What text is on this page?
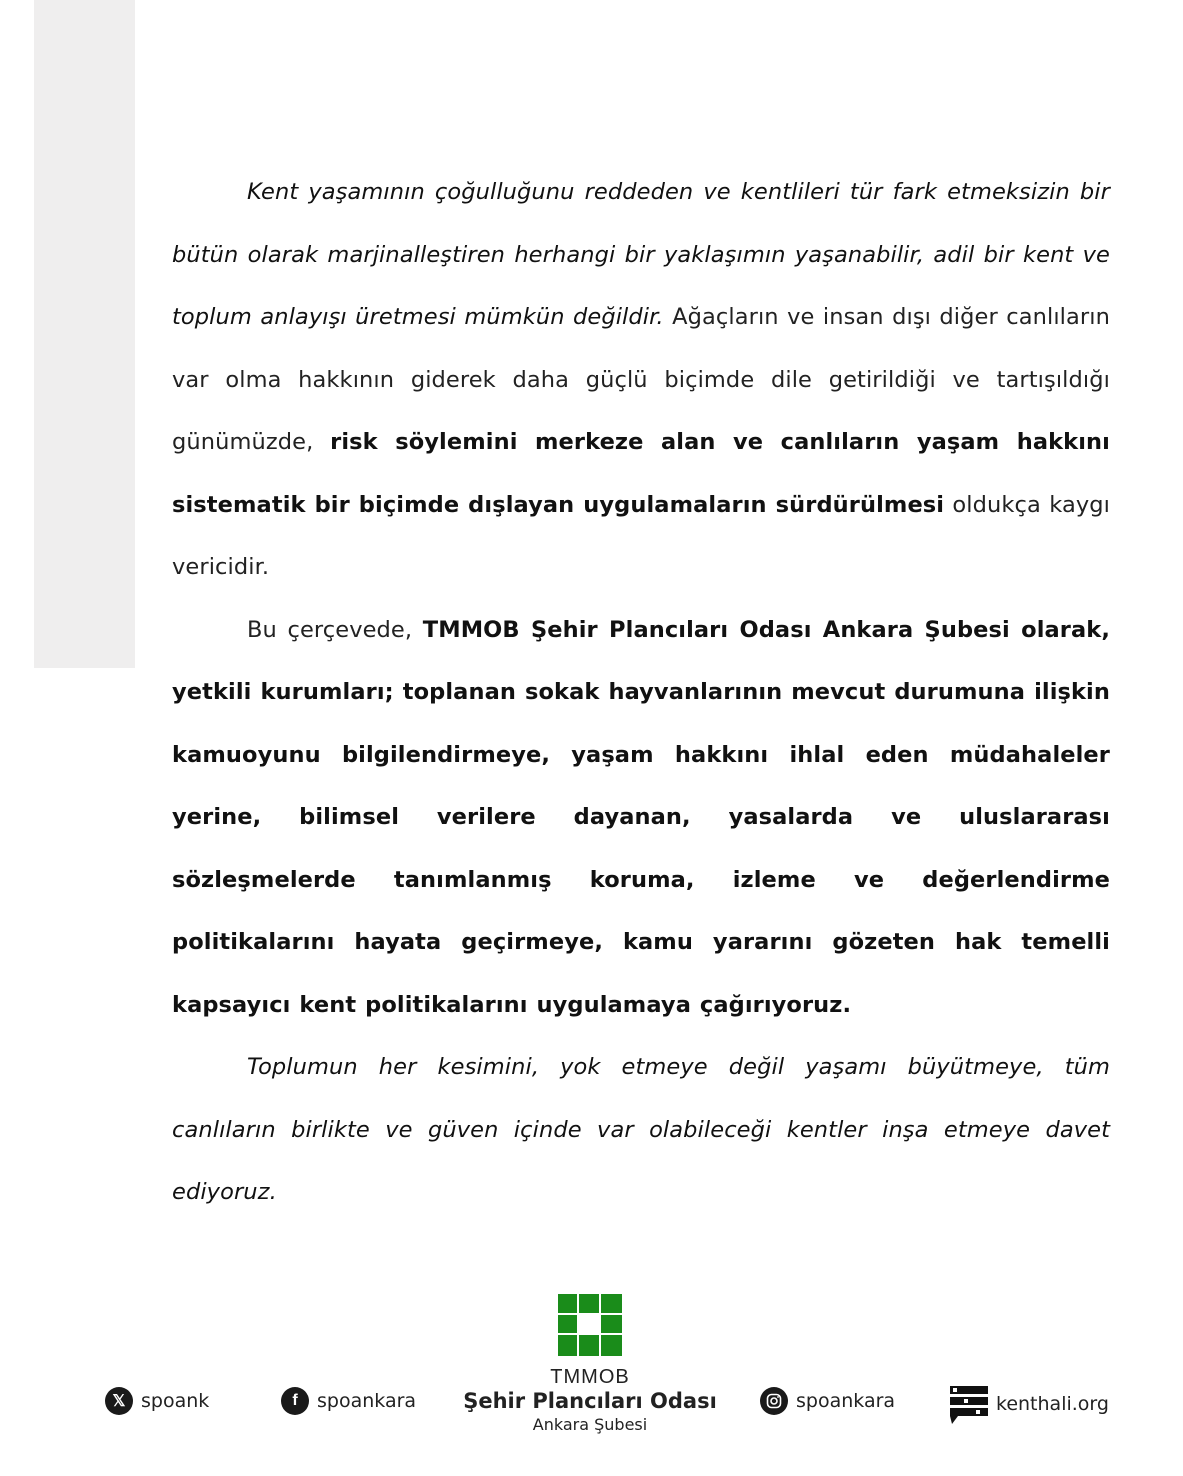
Kent yaşamının çoğulluğunu reddeden ve kentlileri tür fark etmeksizin bir bütün olarak marjinalleştiren herhangi bir yaklaşımın yaşanabilir, adil bir kent ve toplum anlayışı üretmesi mümkün değildir. Ağaçların ve insan dışı diğer canlıların var olma hakkının giderek daha güçlü biçimde dile getirildiği ve tartışıldığı günümüzde, risk söylemini merkeze alan ve canlıların yaşam hakkını sistematik bir biçimde dışlayan uygulamaların sürdürülmesi oldukça kaygı vericidir.

Bu çerçevede, TMMOB Şehir Plancıları Odası Ankara Şubesi olarak, yetkili kurumları; toplanan sokak hayvanlarının mevcut durumuna ilişkin kamuoyunu bilgilendirmeye, yaşam hakkını ihlal eden müdahaleler yerine, bilimsel verilere dayanan, yasalarda ve uluslararası sözleşmelerde tanımlanmış koruma, izleme ve değerlendirme politikalarını hayata geçirmeye, kamu yararını gözeten hak temelli kapsayıcı kent politikalarını uygulamaya çağırıyoruz.

Toplumun her kesimini, yok etmeye değil yaşamı büyütmeye, tüm canlıların birlikte ve güven içinde var olabileceği kentler inşa etmeye davet ediyoruz.

𝕏 spoank	f	spoankara
TMMOB
Şehir Plancıları Odası
Ankara Şubesi
spoankara	kenthali.org
